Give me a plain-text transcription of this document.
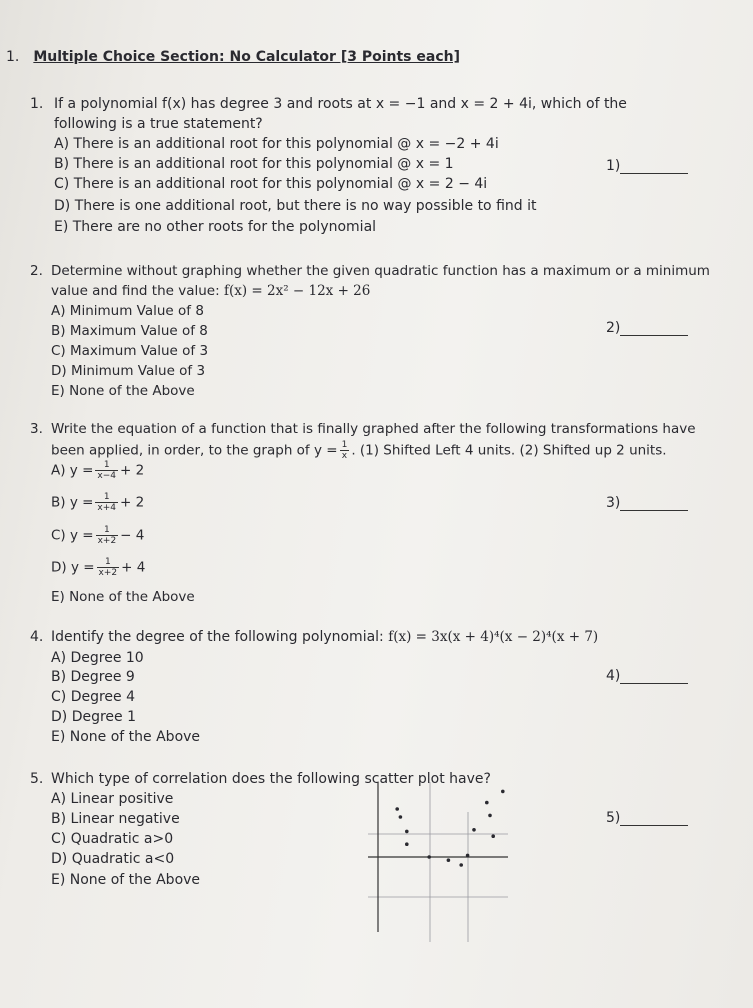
1. Multiple Choice Section: No Calculator [3 Points each]
1. If a polynomial f(x) has degree 3 and roots at x = −1 and x = 2 + 4i, which of the
following is a true statement?
A) There is an additional root for this polynomial @ x = −2 + 4i
B) There is an additional root for this polynomial @ x = 1
C) There is an additional root for this polynomial @ x = 2 − 4i
D) There is one additional root, but there is no way possible to find it
E) There are no other roots for the polynomial
1)
2. Determine without graphing whether the given quadratic function has a maximum or a minimum
value and find the value: f(x) = 2x² − 12x + 26
A) Minimum Value of 8
B) Maximum Value of 8
C) Maximum Value of 3
D) Minimum Value of 3
E) None of the Above
2)
3. Write the equation of a function that is finally graphed after the following transformations have
been applied, in order, to the graph of $y = \frac{1}{x}$ . (1) Shifted Left 4 units. (2) Shifted up 2 units.
A) $y = \frac{1}{x-4} + 2$
B) $y = \frac{1}{x+4} + 2$
C) $y = \frac{1}{x+2} - 4$
D) $y = \frac{1}{x+2} + 4$
E) None of the Above
3)
4. Identify the degree of the following polynomial: f(x) = 3x(x + 4)⁴(x − 2)⁴(x + 7)
A) Degree 10
B) Degree 9
C) Degree 4
D) Degree 1
E) None of the Above
4)
5. Which type of correlation does the following scatter plot have?
A) Linear positive
B) Linear negative
C) Quadratic a>0
D) Quadratic a<0
E) None of the Above
5)
